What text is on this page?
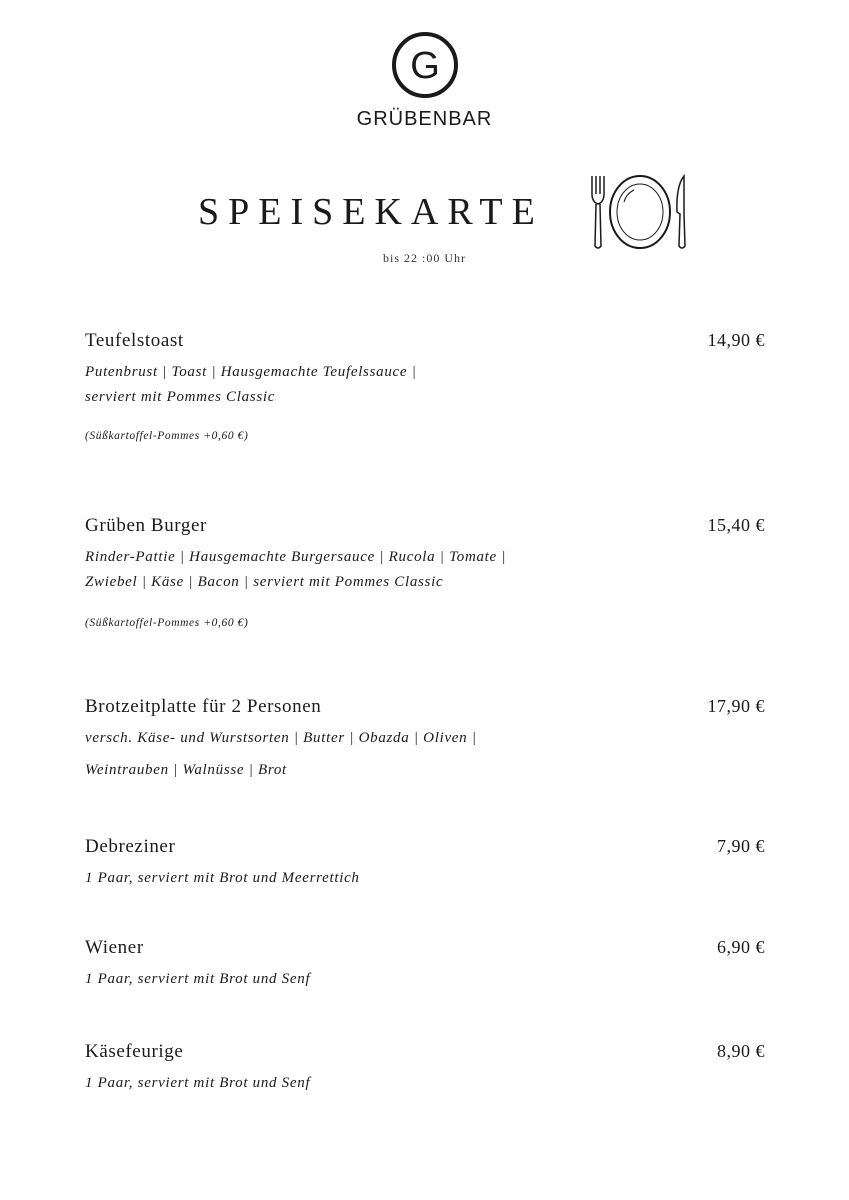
G
GRÜBENBAR
SPEISEKARTE
bis 22 :00 Uhr
Teufelstoast	14,90 €
Putenbrust | Toast | Hausgemachte Teufelssauce |
serviert mit Pommes Classic
(Süßkartoffel-Pommes +0,60 €)
Grüben Burger	15,40 €
Rinder-Pattie | Hausgemachte Burgersauce | Rucola | Tomate |
Zwiebel | Käse | Bacon | serviert mit Pommes Classic
(Süßkartoffel-Pommes +0,60 €)
Brotzeitplatte für 2 Personen	17,90 €
versch. Käse- und Wurstsorten | Butter | Obazda | Oliven |
Weintrauben | Walnüsse | Brot
Debreziner	7,90 €
1 Paar, serviert mit Brot und Meerrettich
Wiener	6,90 €
1 Paar, serviert mit Brot und Senf
Käsefeurige	8,90 €
1 Paar, serviert mit Brot und Senf
